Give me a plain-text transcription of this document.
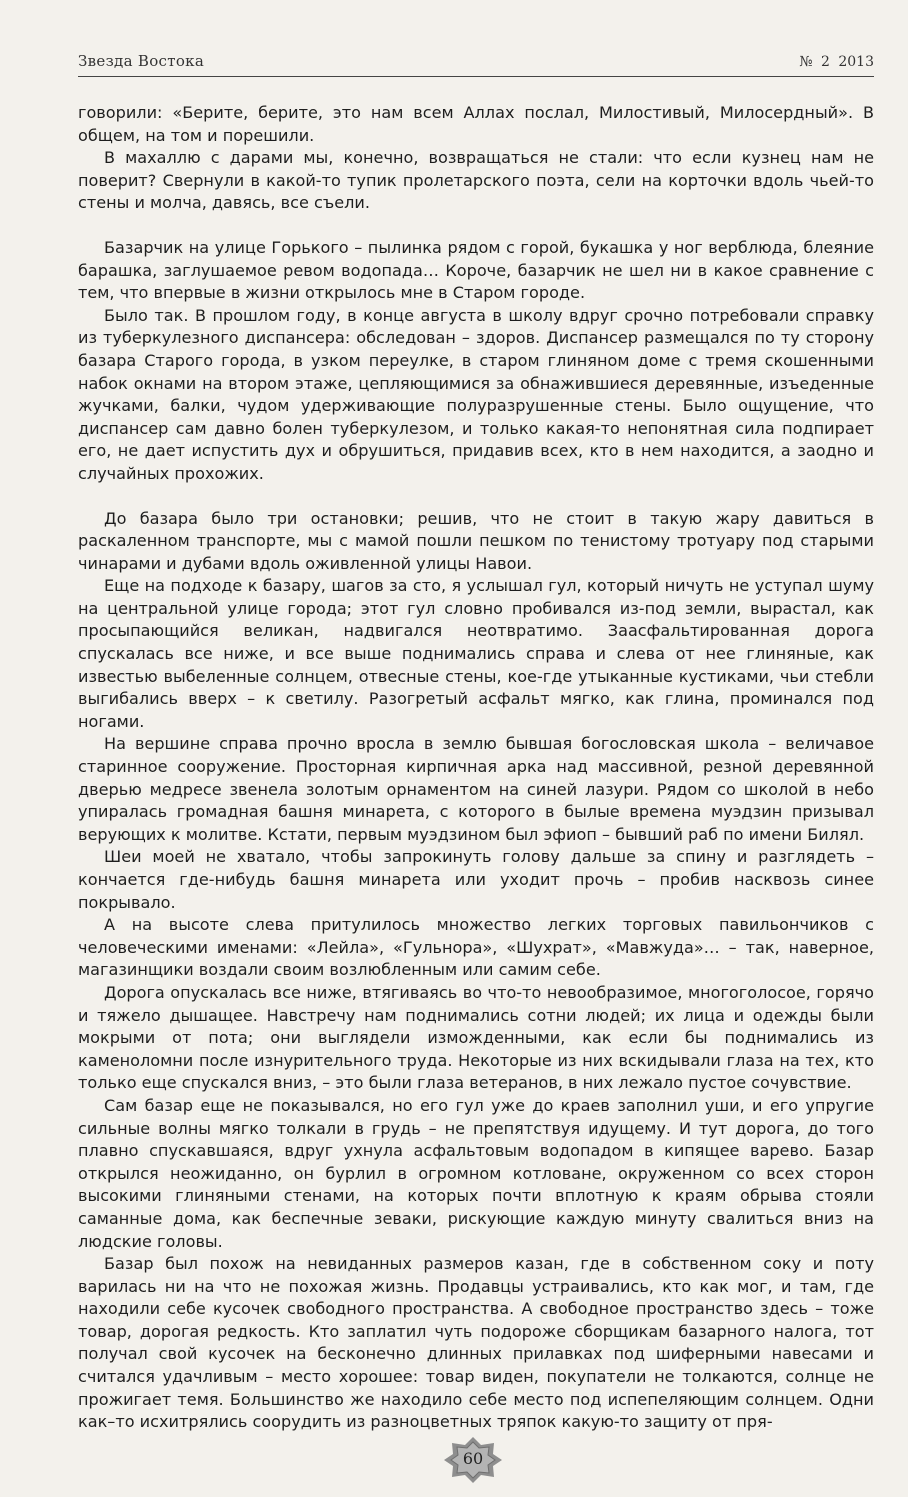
Звезда Востока	№ 2 2013

говорили: «Берите, берите, это нам всем Аллах послал, Милостивый, Милосердный». В общем, на том и порешили.

В махаллю с дарами мы, конечно, возвращаться не стали: что если кузнец нам не поверит? Свернули в какой-то тупик пролетарского поэта, сели на корточки вдоль чьей-то стены и молча, давясь, все съели.

Базарчик на улице Горького – пылинка рядом с горой, букашка у ног верблюда, блеяние барашка, заглушаемое ревом водопада… Короче, базарчик не шел ни в какое сравнение с тем, что впервые в жизни открылось мне в Старом городе.

Было так. В прошлом году, в конце августа в школу вдруг срочно потребовали справку из туберкулезного диспансера: обследован – здоров. Диспансер размещался по ту сторону базара Старого города, в узком переулке, в старом глиняном доме с тремя скошенными набок окнами на втором этаже, цепляющимися за обнажившиеся деревянные, изъеденные жучками, балки, чудом удерживающие полуразрушенные стены. Было ощущение, что диспансер сам давно болен туберкулезом, и только какая-то непонятная сила подпирает его, не дает испустить дух и обрушиться, придавив всех, кто в нем находится, а заодно и случайных прохожих.

До базара было три остановки; решив, что не стоит в такую жару давиться в раскаленном транспорте, мы с мамой пошли пешком по тенистому тротуару под старыми чинарами и дубами вдоль оживленной улицы Навои.

Еще на подходе к базару, шагов за сто, я услышал гул, который ничуть не уступал шуму на центральной улице города; этот гул словно пробивался из-под земли, вырастал, как просыпающийся великан, надвигался неотвратимо. Заасфальтированная дорога спускалась все ниже, и все выше поднимались справа и слева от нее глиняные, как известью выбеленные солнцем, отвесные стены, кое-где утыканные кустиками, чьи стебли выгибались вверх – к светилу. Разогретый асфальт мягко, как глина, проминался под ногами.

На вершине справа прочно вросла в землю бывшая богословская школа – величавое старинное сооружение. Просторная кирпичная арка над массивной, резной деревянной дверью медресе звенела золотым орнаментом на синей лазури. Рядом со школой в небо упиралась громадная башня минарета, с которого в былые времена муэдзин призывал верующих к молитве. Кстати, первым муэдзином был эфиоп – бывший раб по имени Билял.

Шеи моей не хватало, чтобы запрокинуть голову дальше за спину и разглядеть – кончается где-нибудь башня минарета или уходит прочь – пробив насквозь синее покрывало.

А на высоте слева притулилось множество легких торговых павильончиков с человеческими именами: «Лейла», «Гульнора», «Шухрат», «Мавжуда»… – так, наверное, магазинщики воздали своим возлюбленным или самим себе.

Дорога опускалась все ниже, втягиваясь во что-то невообразимое, многоголосое, горячо и тяжело дышащее. Навстречу нам поднимались сотни людей; их лица и одежды были мокрыми от пота; они выглядели изможденными, как если бы поднимались из каменоломни после изнурительного труда. Некоторые из них вскидывали глаза на тех, кто только еще спускался вниз, – это были глаза ветеранов, в них лежало пустое сочувствие.

Сам базар еще не показывался, но его гул уже до краев заполнил уши, и его упругие сильные волны мягко толкали в грудь – не препятствуя идущему. И тут дорога, до того плавно спускавшаяся, вдруг ухнула асфальтовым водопадом в кипящее варево. Базар открылся неожиданно, он бурлил в огромном котловане, окруженном со всех сторон высокими глиняными стенами, на которых почти вплотную к краям обрыва стояли саманные дома, как беспечные зеваки, рискующие каждую минуту свалиться вниз на людские головы.

Базар был похож на невиданных размеров казан, где в собственном соку и поту варилась ни на что не похожая жизнь. Продавцы устраивались, кто как мог, и там, где находили себе кусочек свободного пространства. А свободное пространство здесь – тоже товар, дорогая редкость. Кто заплатил чуть подороже сборщикам базарного налога, тот получал свой кусочек на бесконечно длинных прилавках под шиферными навесами и считался удачливым – место хорошее: товар виден, покупатели не толкаются, солнце не прожигает темя. Большинство же находило себе место под испепеляющим солнцем. Одни как–то исхитрялись соорудить из разноцветных тряпок какую-то защиту от пря-

60
